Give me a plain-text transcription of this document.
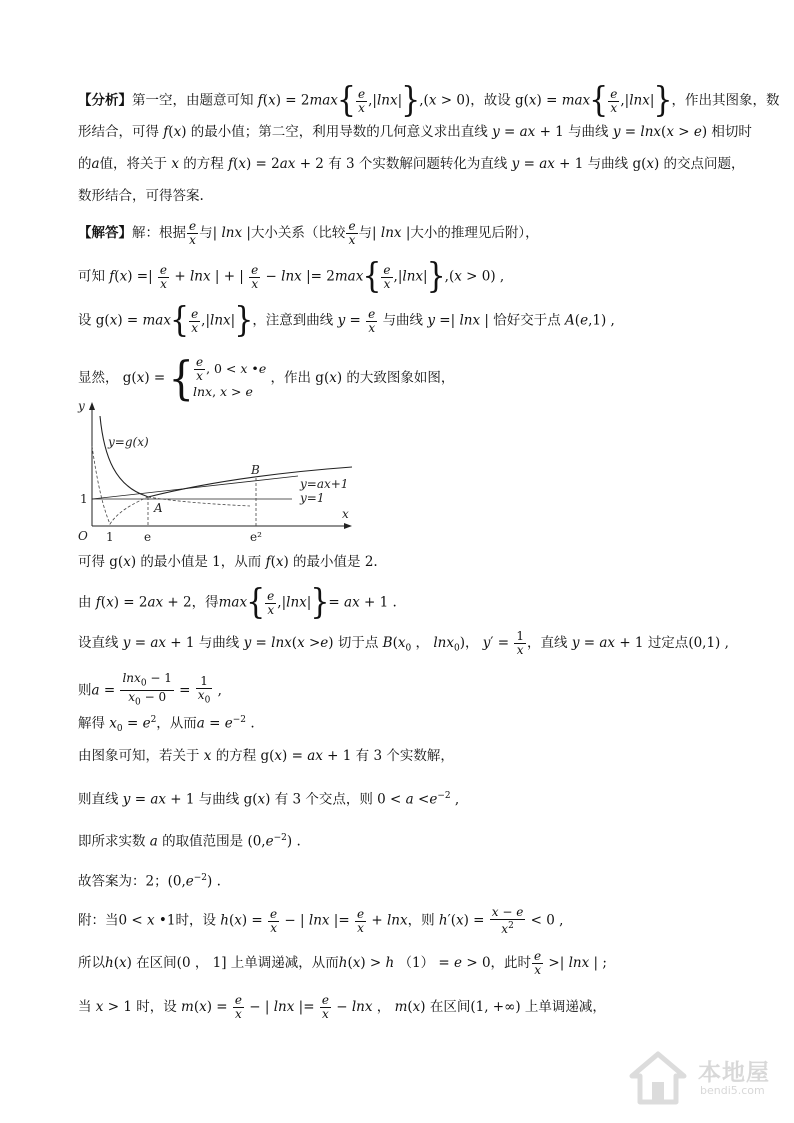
【分析】第一空，由题意可知 $f(x) = 2\max\{ \frac{e}{x} ,|\ln x|\},(x > 0)$，故设 $g(x) = \max\{ \frac{e}{x} ,|\ln x|\}$，作出其图象，数
形结合，可得 f(x) 的最小值；第二空，利用导数的几何意义求出直线 y = ax + 1 与曲线 y = lnx(x > e) 相切时
的a值，将关于 x 的方程 f(x) = 2ax + 2 有 3 个实数解问题转化为直线 y = ax + 1 与曲线 g(x) 的交点问题，
数形结合，可得答案.
【解答】解：根据 $\frac{e}{x}$ 与| lnx |大小关系（比较 $\frac{e}{x}$ 与| lnx |大小的推理见后附），
可知 f(x) =| $\frac{e}{x} + \ln x$ | + | $\frac{e}{x} - \ln x$ |= $2\max\{ \frac{e}{x} ,|\ln x|\},(x > 0)$ ,
设 $g(x) = \max\{ \frac{e}{x} ,|\ln x|\}$，注意到曲线 $y = \frac{e}{x}$ 与曲线 y =| lnx | 恰好交于点 A(e,1) ,
显然， g(x) = { $\frac{e}{x}$ , 0 < x •e
lnx, x > e
，作出 g(x) 的大致图象如图，
y
x
O
y=g(x)
y=ax+1
y=1
B
A
1
1	e	e²
可得 g(x) 的最小值是 1，从而 f(x) 的最小值是 2.
由 f(x) = 2ax + 2，得$\max\{ \frac{e}{x} ,|\ln x|\}=$ ax + 1 .
设直线 y = ax + 1 与曲线 y = lnx(x >e) 切于点 $B(x_0$ ， lnx$_0$)， $y' = \frac{1}{x}$ ，直线 y = ax + 1 过定点(0,1) ,
则$a = \frac{\ln x_0 - 1}{x_0 - 0} = \frac{1}{x_0}$ ,
解得 $x_0 = e^2$，从而$a = e^{-2}$ .
由图象可知，若关于 x 的方程 g(x) = ax + 1 有 3 个实数解，
则直线 y = ax + 1 与曲线 g(x) 有 3 个交点，则 $0 < a <e^{-2}$ ,
即所求实数 a 的取值范围是 $(0,e^{-2})$ .
故答案为：2；$(0,e^{-2})$ .
附：当0 < x •1时，设 $h(x) = \frac{e}{x}$ − | lnx |= $\frac{e}{x} + \ln x$，则 $h'(x) = \frac{x - e}{x^2} < 0$ ,
所以h(x) 在区间(0 ， 1] 上单调递减，从而h(x) > h （1） = e > 0，此时 $\frac{e}{x}$ >| lnx | ;
当 x > 1 时，设 $m(x) = \frac{e}{x}$ − | lnx |= $\frac{e}{x} - \ln x$ ， m(x) 在区间(1, +∞) 上单调递减，
本地屋
bendi5.com
